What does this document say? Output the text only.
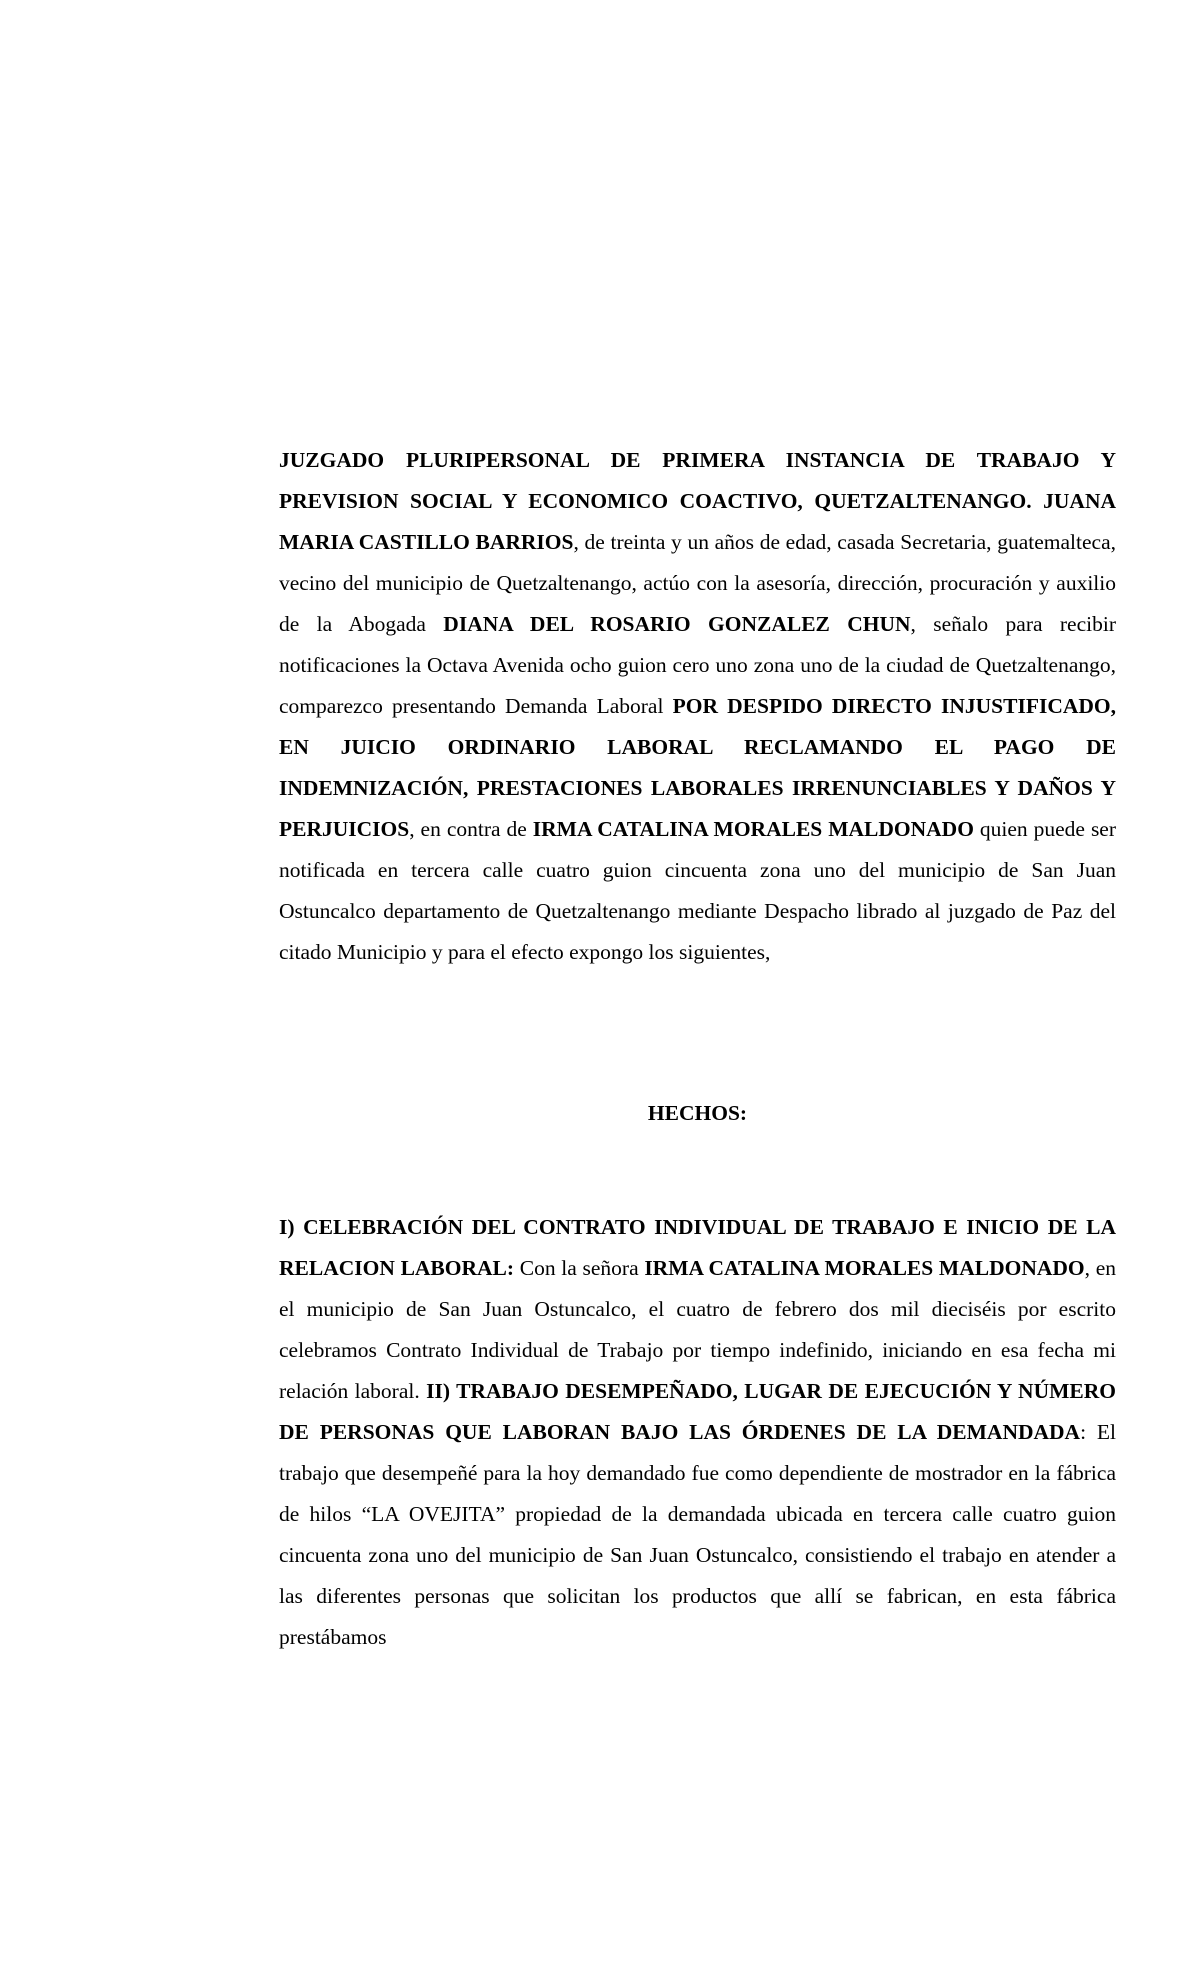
JUZGADO PLURIPERSONAL DE PRIMERA INSTANCIA DE TRABAJO Y PREVISION SOCIAL Y ECONOMICO COACTIVO, QUETZALTENANGO. JUANA MARIA CASTILLO BARRIOS, de treinta y un años de edad, casada Secretaria, guatemalteca, vecino del municipio de Quetzaltenango, actúo con la asesoría, dirección, procuración y auxilio de la Abogada DIANA DEL ROSARIO GONZALEZ CHUN, señalo para recibir notificaciones la Octava Avenida ocho guion cero uno zona uno de la ciudad de Quetzaltenango, comparezco presentando Demanda Laboral POR DESPIDO DIRECTO INJUSTIFICADO, EN JUICIO ORDINARIO LABORAL RECLAMANDO EL PAGO DE INDEMNIZACIÓN, PRESTACIONES LABORALES IRRENUNCIABLES Y DAÑOS Y PERJUICIOS, en contra de IRMA CATALINA MORALES MALDONADO quien puede ser notificada en tercera calle cuatro guion cincuenta zona uno del municipio de San Juan Ostuncalco departamento de Quetzaltenango mediante Despacho librado al juzgado de Paz del citado Municipio y para el efecto expongo los siguientes,

HECHOS:

I) CELEBRACIÓN DEL CONTRATO INDIVIDUAL DE TRABAJO E INICIO DE LA RELACION LABORAL: Con la señora IRMA CATALINA MORALES MALDONADO, en el municipio de San Juan Ostuncalco, el cuatro de febrero dos mil dieciséis por escrito celebramos Contrato Individual de Trabajo por tiempo indefinido, iniciando en esa fecha mi relación laboral. II) TRABAJO DESEMPEÑADO, LUGAR DE EJECUCIÓN Y NÚMERO DE PERSONAS QUE LABORAN BAJO LAS ÓRDENES DE LA DEMANDADA: El trabajo que desempeñé para la hoy demandado fue como dependiente de mostrador en la fábrica de hilos “LA OVEJITA” propiedad de la demandada ubicada en tercera calle cuatro guion cincuenta zona uno del municipio de San Juan Ostuncalco, consistiendo el trabajo en atender a las diferentes personas que solicitan los productos que allí se fabrican, en esta fábrica prestábamos
